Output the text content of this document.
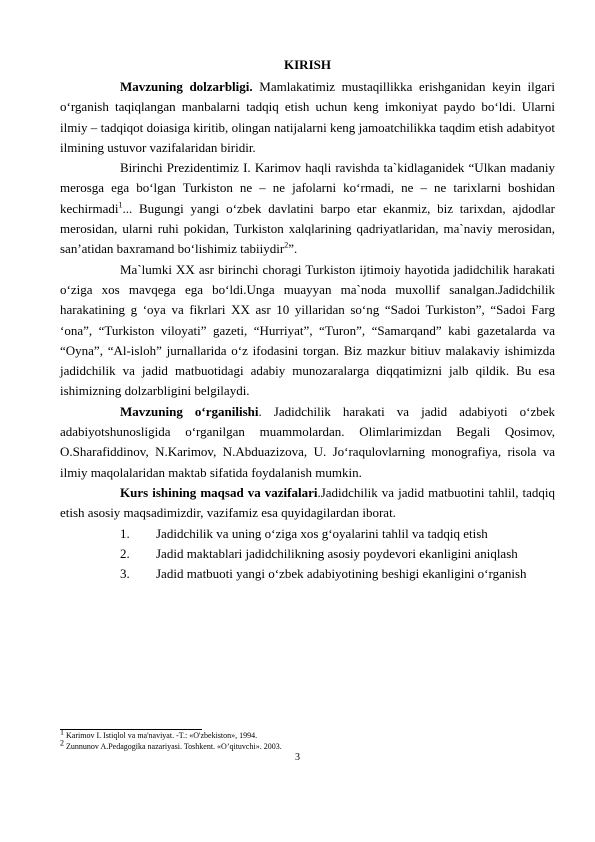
KIRISH

Mavzuning dolzarbligi. Mamlakatimiz mustaqillikka erishganidan keyin ilgari o‘rganish taqiqlangan manbalarni tadqiq etish uchun keng imkoniyat paydo bo‘ldi. Ularni ilmiy – tadqiqot doiasiga kiritib, olingan natijalarni keng jamoatchilikka taqdim etish adabityot ilmining ustuvor vazifalaridan biridir.

Birinchi Prezidentimiz I. Karimov haqli ravishda ta`kidlaganidek “Ulkan madaniy merosga ega bo‘lgan Turkiston ne – ne jafolarni ko‘rmadi, ne – ne tarixlarni boshidan kechirmadi$^1$... Bugungi yangi o‘zbek davlatini barpo etar ekanmiz, biz tarixdan, ajdodlar merosidan, ularni ruhi pokidan, Turkiston xalqlarining qadriyatlaridan, ma`naviy merosidan, san’atidan baxramand bo‘lishimiz tabiiydir$^2$”.

Ma`lumki XX asr birinchi choragi Turkiston ijtimoiy hayotida jadidchilik harakati o‘ziga xos mavqega ega bo‘ldi.Unga muayyan ma`noda muxollif sanalgan.Jadidchilik harakatining g ‘oya va fikrlari XX asr 10 yillaridan so‘ng “Sadoi Turkiston”, “Sadoi Farg ‘ona”, “Turkiston viloyati” gazeti, “Hurriyat”, “Turon”, “Samarqand” kabi gazetalarda va “Oyna”, “Al-isloh” jurnallarida o‘z ifodasini torgan. Biz mazkur bitiuv malakaviy ishimizda jadidchilik va jadid matbuotidagi adabiy munozaralarga diqqatimizni jalb qildik. Bu esa ishimizning dolzarbligini belgilaydi.

Mavzuning o‘rganilishi. Jadidchilik harakati va jadid adabiyoti o‘zbek adabiyotshunosligida o‘rganilgan muammolardan. Olimlarimizdan Begali Qosimov, O.Sharafiddinov, N.Karimov, N.Abduazizova, U. Jo‘raqulovlarning monografiya, risola va ilmiy maqolalaridan maktab sifatida foydalanish mumkin.

Kurs ishining maqsad va vazifalari.Jadidchilik va jadid matbuotini tahlil, tadqiq etish asosiy maqsadimizdir, vazifamiz esa quyidagilardan iborat.

1. Jadidchilik va uning o‘ziga xos g‘oyalarini tahlil va tadqiq etish
2. Jadid maktablari jadidchilikning asosiy poydevori ekanligini aniqlash
3. Jadid matbuoti yangi o‘zbek adabiyotining beshigi ekanligini o‘rganish
$^1$ Karimov I. Istiqlol va ma'naviyat. -T.: «O'zbekiston», 1994.
$^2$ Zunnunov A.Pedagogika nazariyasi. Toshkent. «O’qituvchi». 2003.
3
